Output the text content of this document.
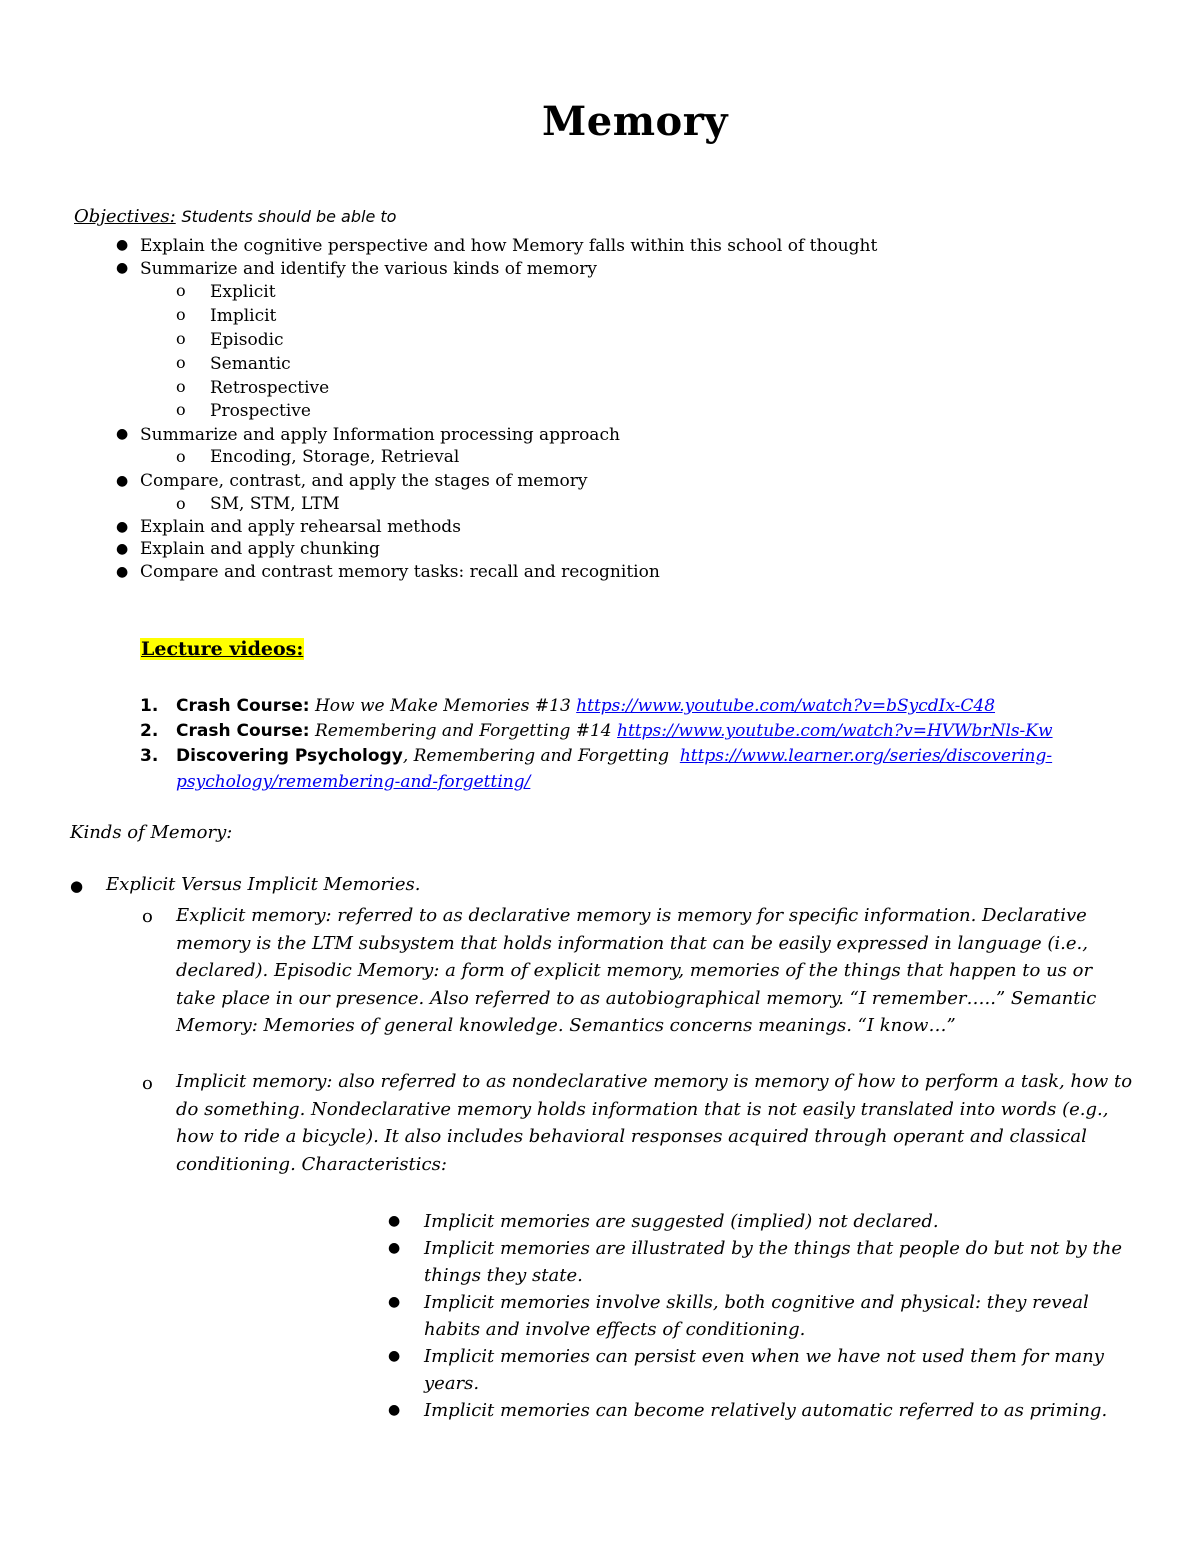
Memory
Objectives: Students should be able to
● Explain the cognitive perspective and how Memory falls within this school of thought
● Summarize and identify the various kinds of memory
o Explicit
o Implicit
o Episodic
o Semantic
o Retrospective
o Prospective
● Summarize and apply Information processing approach
o Encoding, Storage, Retrieval
● Compare, contrast, and apply the stages of memory
o SM, STM, LTM
● Explain and apply rehearsal methods
● Explain and apply chunking
● Compare and contrast memory tasks: recall and recognition
Lecture videos:
1. Crash Course: How we Make Memories #13 https://www.youtube.com/watch?v=bSycdIx-C48
2. Crash Course: Remembering and Forgetting #14 https://www.youtube.com/watch?v=HVWbrNls-Kw
3. Discovering Psychology, Remembering and Forgetting https://www.learner.org/series/discovering-
psychology/remembering-and-forgetting/
Kinds of Memory:
● Explicit Versus Implicit Memories.
o Explicit memory: referred to as declarative memory is memory for specific information. Declarative memory is the LTM subsystem that holds information that can be easily expressed in language (i.e., declared). Episodic Memory: a form of explicit memory, memories of the things that happen to us or take place in our presence. Also referred to as autobiographical memory. “I remember…..” Semantic Memory: Memories of general knowledge. Semantics concerns meanings. “I know…”
o Implicit memory: also referred to as nondeclarative memory is memory of how to perform a task, how to do something. Nondeclarative memory holds information that is not easily translated into words (e.g., how to ride a bicycle). It also includes behavioral responses acquired through operant and classical conditioning. Characteristics:
● Implicit memories are suggested (implied) not declared.
● Implicit memories are illustrated by the things that people do but not by the things they state.
● Implicit memories involve skills, both cognitive and physical: they reveal habits and involve effects of conditioning.
● Implicit memories can persist even when we have not used them for many years.
● Implicit memories can become relatively automatic referred to as priming.
